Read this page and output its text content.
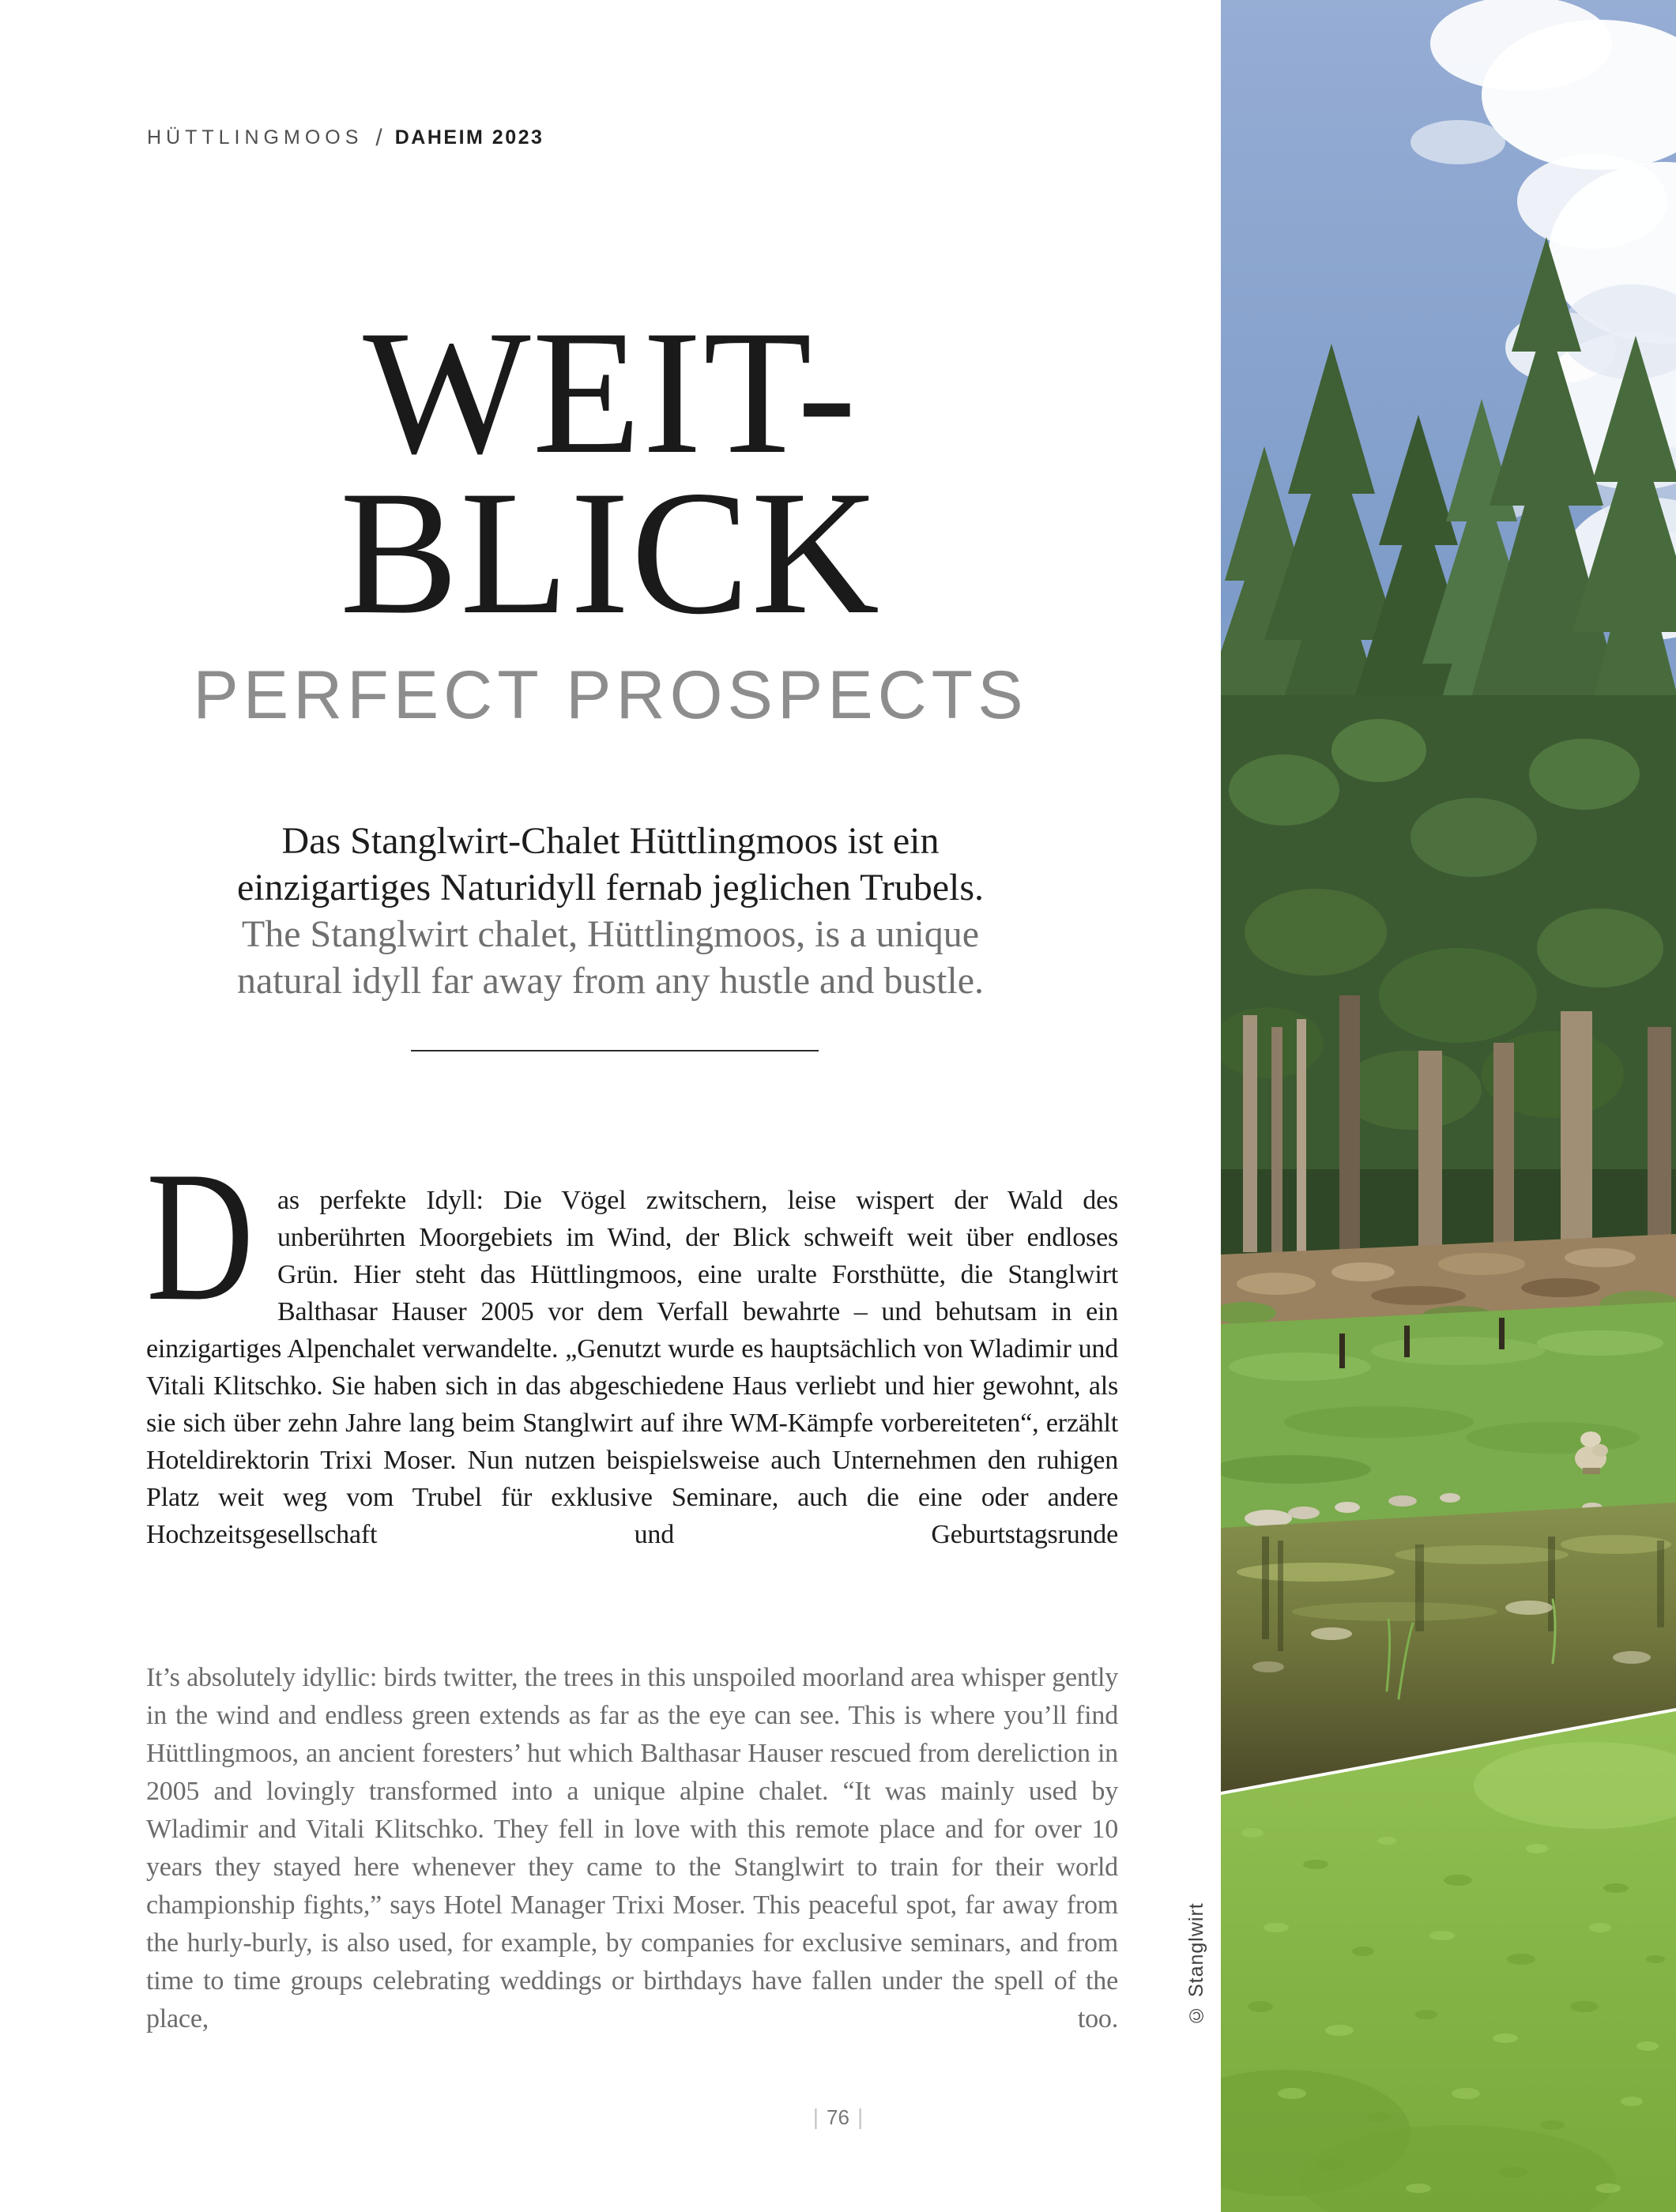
HÜTTLINGMOOS / DAHEIM 2023
WEIT-
BLICK
PERFECT PROSPECTS
Das Stanglwirt-Chalet Hüttlingmoos ist ein
einzigartiges Naturidyll fernab jeglichen Trubels.
The Stanglwirt chalet, Hüttlingmoos, is a unique
natural idyll far away from any hustle and bustle.
D as perfekte Idyll: Die Vögel zwitschern, leise wispert der Wald des unberührten Moorgebiets im Wind, der Blick schweift weit über endloses Grün. Hier steht das Hüttlingmoos, eine uralte Forsthütte, die Stanglwirt Balthasar Hauser 2005 vor dem Verfall bewahrte – und behutsam in ein einzigartiges Alpenchalet verwandelte. „Genutzt wurde es hauptsächlich von Wladimir und Vitali Klitschko. Sie haben sich in das abgeschiedene Haus verliebt und hier gewohnt, als sie sich über zehn Jahre lang beim Stanglwirt auf ihre WM-Kämpfe vorbereiteten“, erzählt Hoteldirektorin Trixi Moser. Nun nutzen beispielsweise auch Unternehmen den ruhigen Platz weit weg vom Trubel für exklusive Seminare, auch die eine oder andere Hochzeitsgesellschaft und Geburtstagsrunde
It’s absolutely idyllic: birds twitter, the trees in this unspoiled moorland area whisper gently in the wind and endless green extends as far as the eye can see. This is where you’ll find Hüttlingmoos, an ancient foresters’ hut which Balthasar Hauser rescued from dereliction in 2005 and lovingly transformed into a unique alpine chalet. “It was mainly used by Wladimir and Vitali Klitschko. They fell in love with this remote place and for over 10 years they stayed here whenever they came to the Stanglwirt to train for their world championship fights,” says Hotel Manager Trixi Moser. This peaceful spot, far away from the hurly-burly, is also used, for example, by companies for exclusive seminars, and from time to time groups celebrating weddings or birthdays have fallen under the spell of the place, too.	© Stanglwirt
| 76 |
